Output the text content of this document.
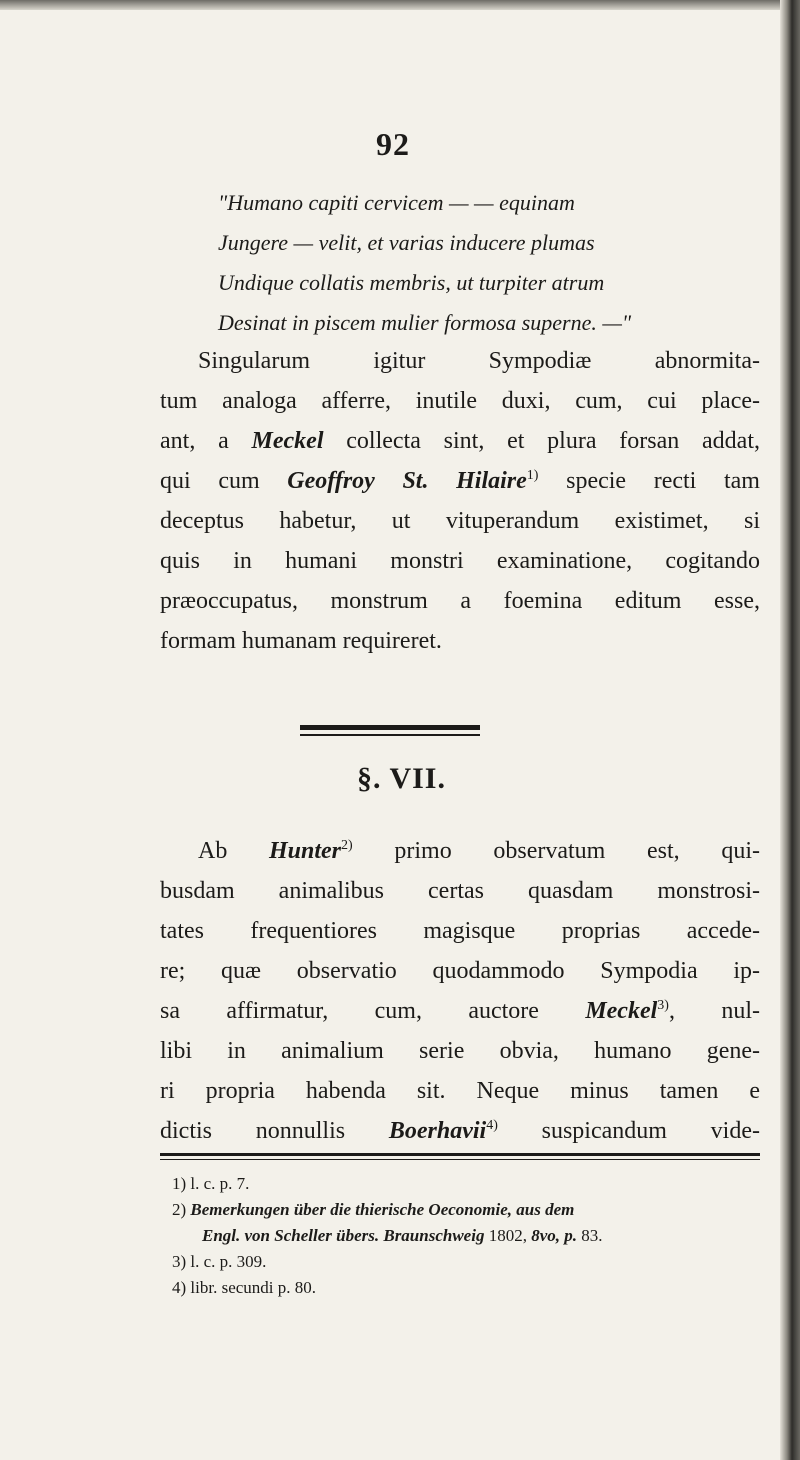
92
"Humano capiti cervicem — — equinam
Jungere — velit, et varias inducere plumas
Undique collatis membris, ut turpiter atrum
Desinat in piscem mulier formosa superne. —"
Singularum igitur Sympodiæ abnormita-
tum analoga afferre, inutile duxi, cum, cui place-
ant, a Meckel collecta sint, et plura forsan addat,
qui cum Geoffroy St. Hilaire$^{1)}$ specie recti tam
deceptus habetur, ut vituperandum existimet, si
quis in humani monstri examinatione, cogitando
præoccupatus, monstrum a foemina editum esse,
formam humanam requireret.
§. VII.
Ab Hunter$^{2)}$ primo observatum est, qui-
busdam animalibus certas quasdam monstrosi-
tates frequentiores magisque proprias accede-
re; quæ observatio quodammodo Sympodia ip-
sa affirmatur, cum, auctore Meckel$^{3)}$, nul-
libi in animalium serie obvia, humano gene-
ri propria habenda sit. Neque minus tamen e
dictis nonnullis Boerhavii$^{4)}$ suspicandum vide-
1) l. c. p. 7.
2) Bemerkungen über die thierische Oeconomie, aus dem
Engl. von Scheller übers. Braunschweig 1802, 8vo, p. 83.
3) l. c. p. 309.
4) libr. secundi p. 80.
